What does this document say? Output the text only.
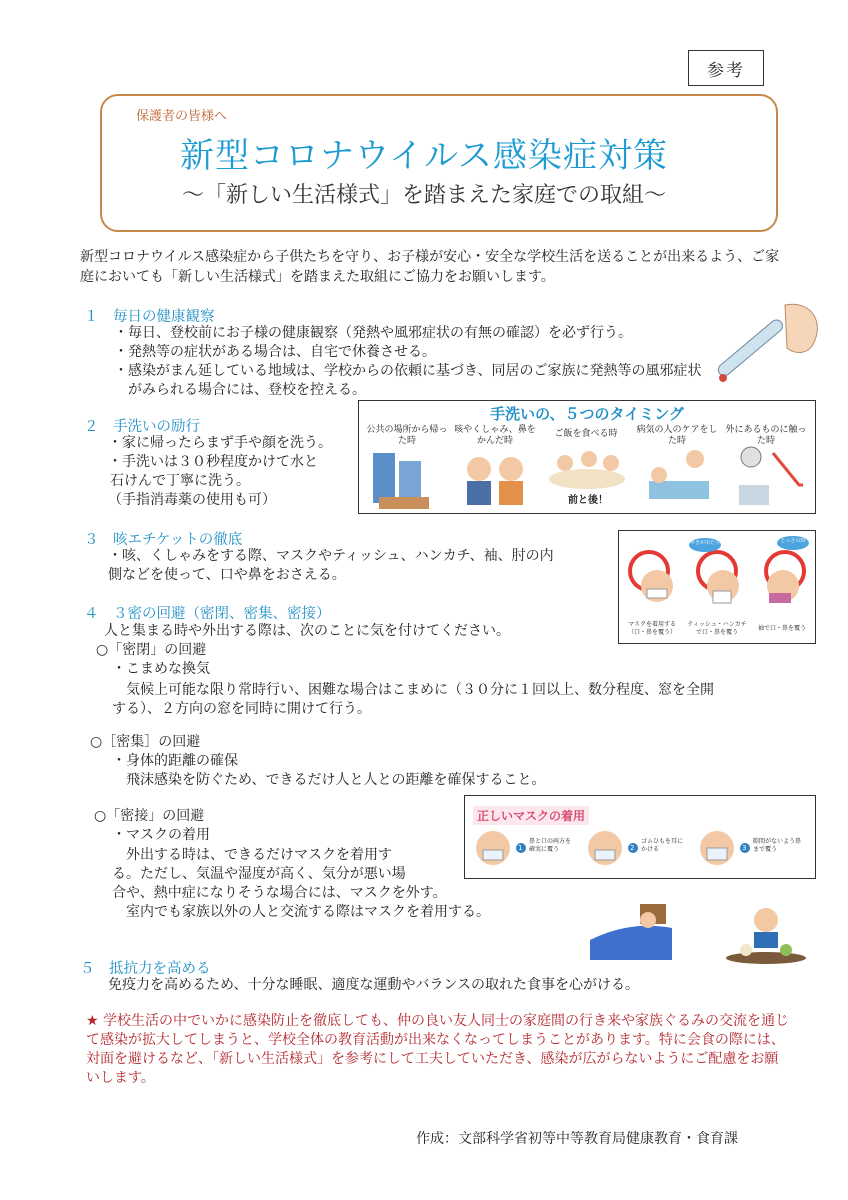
参考
保護者の皆様へ
新型コロナウイルス感染症対策
～「新しい生活様式」を踏まえた家庭での取組～
新型コロナウイルス感染症から子供たちを守り、お子様が安心・安全な学校生活を送ることが出来るよう、ご家庭においても「新しい生活様式」を踏まえた取組にご協力をお願いします。
１　毎日の健康観察
・毎日、登校前にお子様の健康観察（発熱や風邪症状の有無の確認）を必ず行う。
・発熱等の症状がある場合は、自宅で休養させる。
・感染がまん延している地域は、学校からの依頼に基づき、同居のご家族に発熱等の風邪症状
がみられる場合には、登校を控える。
２　手洗いの励行
・家に帰ったらまず手や顔を洗う。
・手洗いは３０秒程度かけて水と
石けんで丁寧に洗う。
（手指消毒薬の使用も可）
手洗いの、５つのタイミング
公共の場所から帰った時
咳やくしゃみ、鼻をかんだ時
ご飯を食べる時	病気の人のケアをした時
外にあるものに触った時
前と後！
３　咳エチケットの徹底
・咳、くしゃみをする際、マスクやティッシュ、ハンカチ、袖、肘の内
側などを使って、口や鼻をおさえる。
せきが出たら	とっさの時
マスクを着用する（口・鼻を覆う）
ティッシュ・ハンカチで口・鼻を覆う
袖で口・鼻を覆う
４　３密の回避（密閉、密集、密接）
人と集まる時や外出する際は、次のことに気を付けてください。
○「密閉」の回避
・こまめな換気
気候上可能な限り常時行い、困難な場合はこまめに（３０分に１回以上、数分程度、窓を全開
する）、２方向の窓を同時に開けて行う。
○［密集］の回避
・身体的距離の確保
飛沫感染を防ぐため、できるだけ人と人との距離を確保すること。
○「密接」の回避
・マスクの着用
外出する時は、できるだけマスクを着用す
る。ただし、気温や湿度が高く、気分が悪い場
合や、熱中症になりそうな場合には、マスクを外す。
室内でも家族以外の人と交流する際はマスクを着用する。
正しいマスクの着用
1
鼻と口の両方を確実に覆う	2
ゴムひもを耳にかける	3
隙間がないよう鼻まで覆う
５　抵抗力を高める
免疫力を高めるため、十分な睡眠、適度な運動やバランスの取れた食事を心がける。
★ 学校生活の中でいかに感染防止を徹底しても、仲の良い友人同士の家庭間の行き来や家族ぐるみの交流を通じて感染が拡大してしまうと、学校全体の教育活動が出来なくなってしまうことがあります。特に会食の際には、対面を避けるなど、「新しい生活様式」を参考にして工夫していただき、感染が広がらないようにご配慮をお願いします。
作成：文部科学省初等中等教育局健康教育・食育課
